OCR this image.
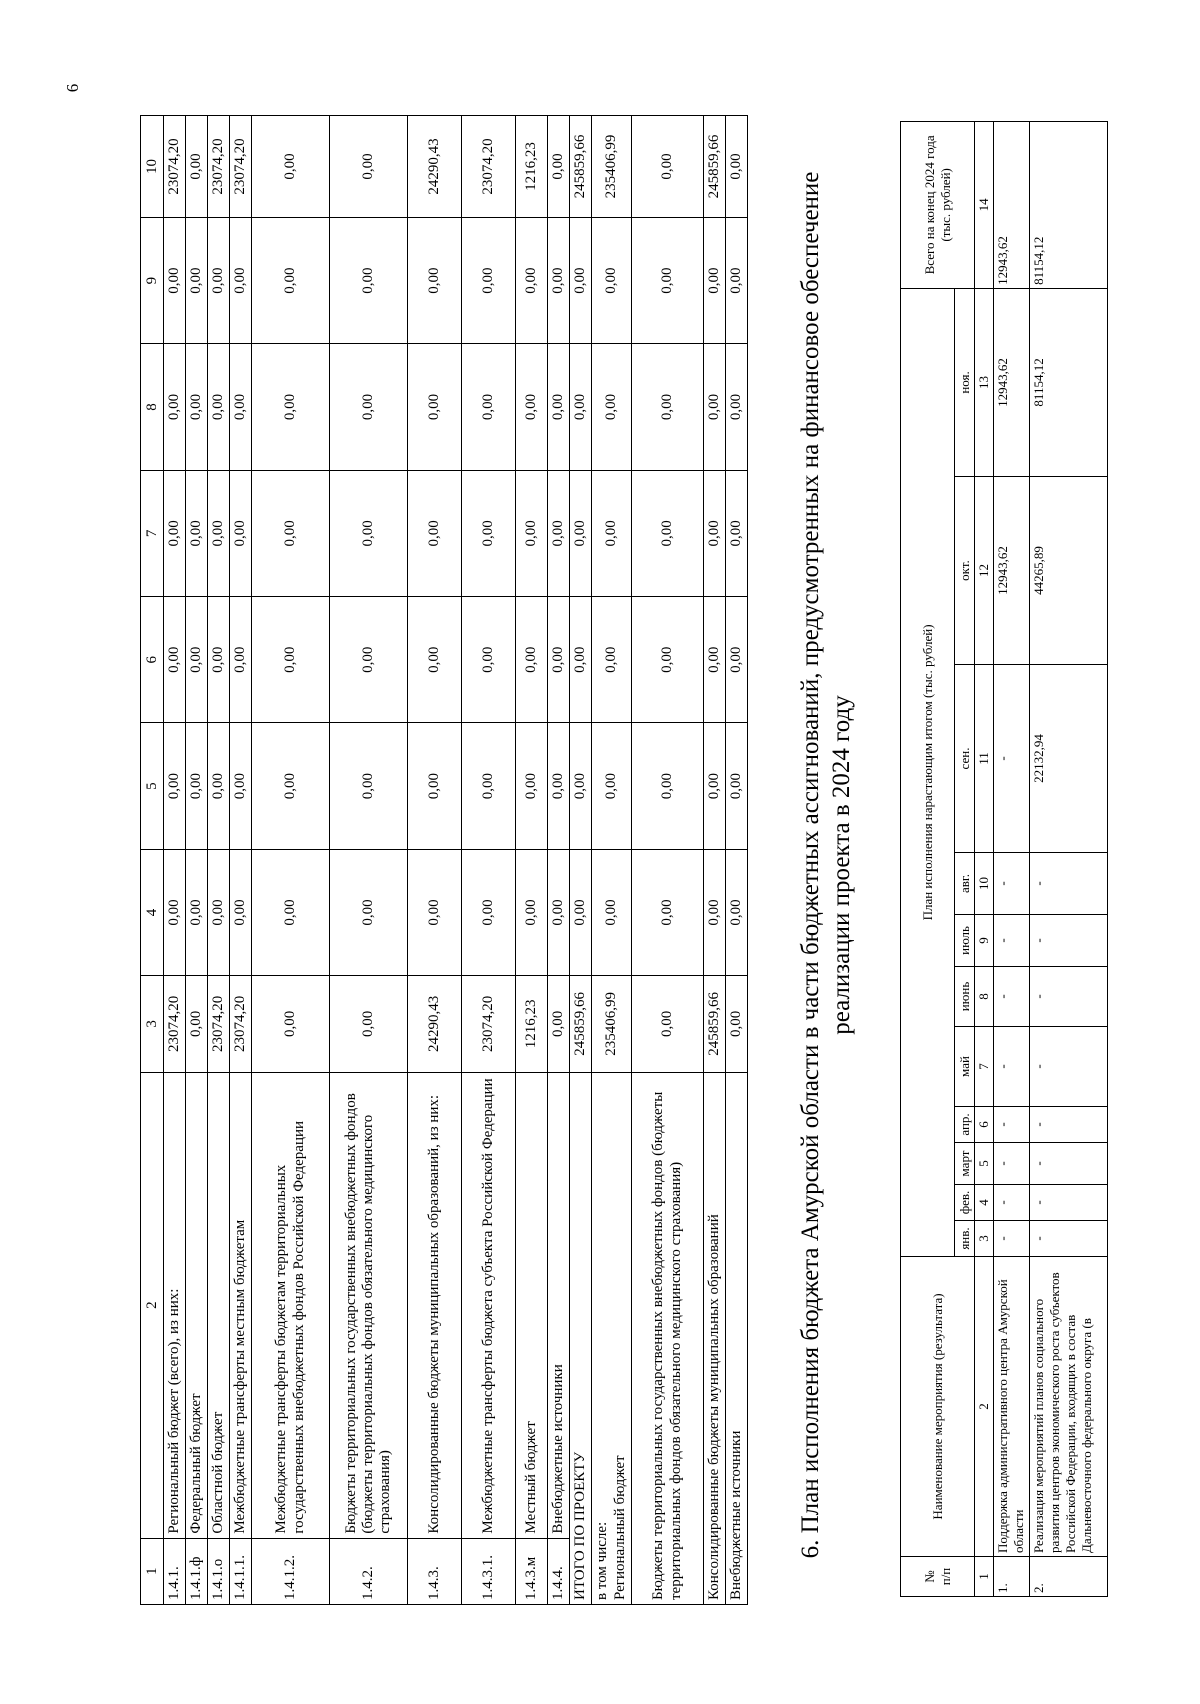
6
1	2	3	4	5	6	7	8	9	10
1.4.1.	Региональный бюджет (всего), из них:	23074,20	0,00	0,00	0,00	0,00	0,00	0,00	23074,20
1.4.1.ф	Федеральный бюджет	0,00	0,00	0,00	0,00	0,00	0,00	0,00	0,00
1.4.1.о	Областной бюджет	23074,20	0,00	0,00	0,00	0,00	0,00	0,00	23074,20
1.4.1.1.	Межбюджетные трансферты местным бюджетам	23074,20	0,00	0,00	0,00	0,00	0,00	0,00	23074,20
1.4.1.2.	Межбюджетные трансферты бюджетам территориальных государственных внебюджетных фондов Российской Федерации	0,00	0,00	0,00	0,00	0,00	0,00	0,00	0,00
1.4.2.	Бюджеты территориальных государственных внебюджетных фондов (бюджеты территориальных фондов обязательного медицинского страхования)	0,00	0,00	0,00	0,00	0,00	0,00	0,00	0,00
1.4.3.	Консолидированные бюджеты муниципальных образований, из них:	24290,43	0,00	0,00	0,00	0,00	0,00	0,00	24290,43
1.4.3.1.	Межбюджетные трансферты бюджета субъекта Российской Федерации	23074,20	0,00	0,00	0,00	0,00	0,00	0,00	23074,20
1.4.3.м	Местный бюджет	1216,23	0,00	0,00	0,00	0,00	0,00	0,00	1216,23
1.4.4.	Внебюджетные источники	0,00	0,00	0,00	0,00	0,00	0,00	0,00	0,00
ИТОГО ПО ПРОЕКТУ		245859,66	0,00	0,00	0,00	0,00	0,00	0,00	245859,66
в том числе:
Региональный бюджет		235406,99	0,00	0,00	0,00	0,00	0,00	0,00	235406,99
Бюджеты территориальных государственных внебюджетных фондов (бюджеты территориальных фондов обязательного медицинского страхования)		0,00	0,00	0,00	0,00	0,00	0,00	0,00	0,00
Консолидированные бюджеты муниципальных образований		245859,66	0,00	0,00	0,00	0,00	0,00	0,00	245859,66
Внебюджетные источники		0,00	0,00	0,00	0,00	0,00	0,00	0,00	0,00
6. План исполнения бюджета Амурской области в части бюджетных ассигнований, предусмотренных на финансовое обеспечение реализации проекта в 2024 году
№
п/п	Наименование мероприятия (результата)	План исполнения нарастающим итогом (тыс. рублей)											Всего на конец 2024 года (тыс. рублей)
		янв.	фев.	март	апр.	май	июнь	июль	авг.	сен.	окт.	ноя.	
1	2	3	4	5	6	7	8	9	10	11	12	13	14
1.	Поддержка административного центра Амурской области	-	-	-	-	-	-	-	-	-	12943,62	12943,62	12943,62
2.	Реализация мероприятий планов социального развития центров экономического роста субъектов Российской Федерации, входящих в состав Дальневосточного федерального округа (в	-	-	-	-	-	-	-	-	22132,94	44265,89	81154,12	81154,12
